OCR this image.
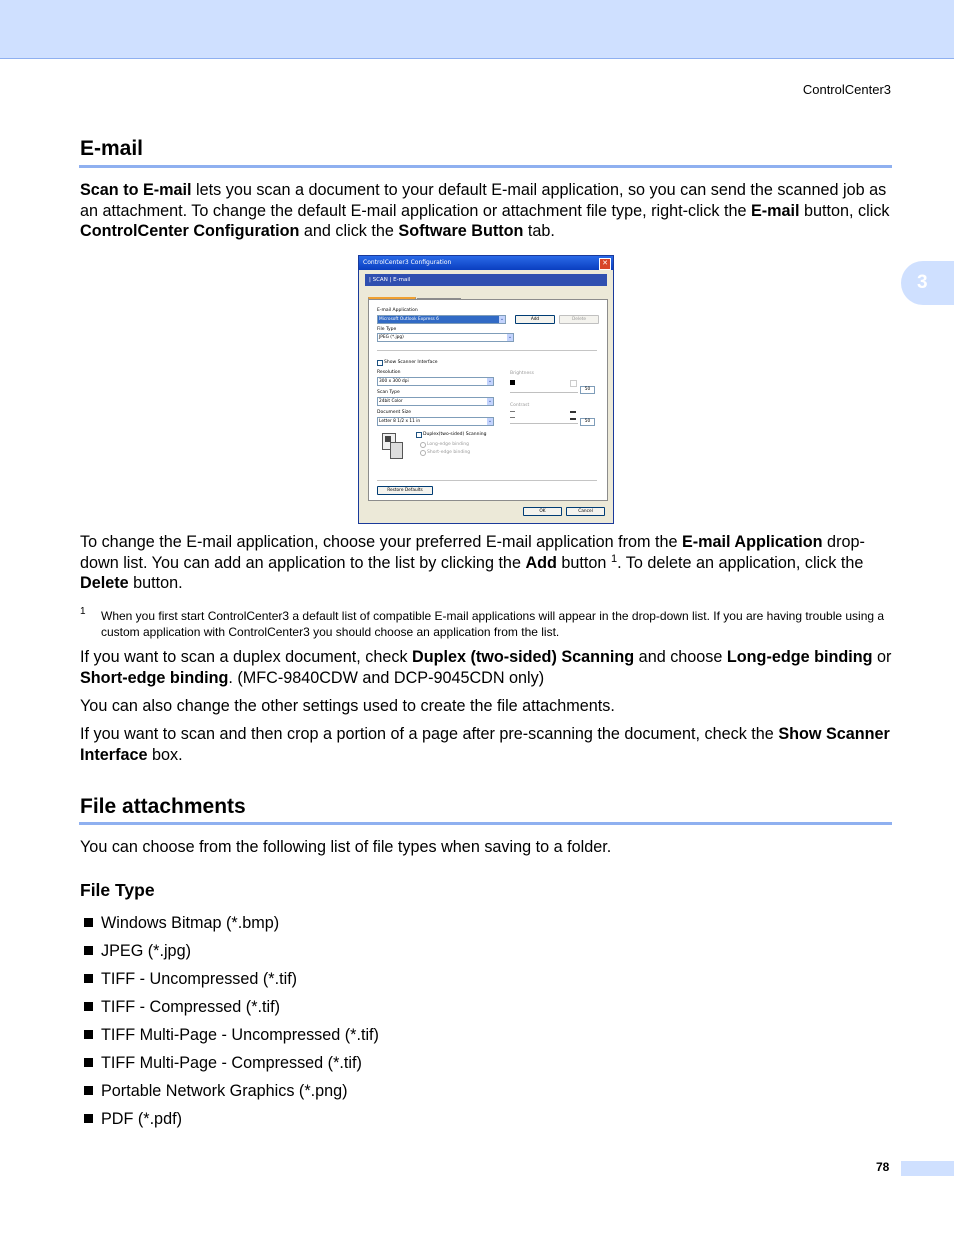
ControlCenter3
3
E-mail
Scan to E-mail lets you scan a document to your default E-mail application, so you can send the scanned job as an attachment. To change the default E-mail application or attachment file type, right-click the E-mail button, click ControlCenter Configuration and click the Software Button tab.
ControlCenter3 Configuration	✕
| SCAN | E-mail
E-mail Application
Microsoft Outlook Express 6	⌄	Add	Delete
File Type
JPEG (*.jpg)	⌄
Show Scanner Interface
Resolution
300 x 300 dpi	⌄
Scan Type
24bit Color	⌄
Document Size
Letter 8 1/2 x 11 in	⌄
Brightness
50
Contrast
50
Duplex(two-sided) Scanning
Long-edge binding
Short-edge binding
Restore Defaults
OK	Cancel
To change the E-mail application, choose your preferred E-mail application from the E-mail Application drop-down list. You can add an application to the list by clicking the Add button $^1$. To delete an application, click the Delete button.
1 When you first start ControlCenter3 a default list of compatible E-mail applications will appear in the drop-down list. If you are having trouble using a custom application with ControlCenter3 you should choose an application from the list.
If you want to scan a duplex document, check Duplex (two-sided) Scanning and choose Long-edge binding or Short-edge binding. (MFC-9840CDW and DCP-9045CDN only)
You can also change the other settings used to create the file attachments.
If you want to scan and then crop a portion of a page after pre-scanning the document, check the Show Scanner Interface box.
File attachments
You can choose from the following list of file types when saving to a folder.
File Type
Windows Bitmap (*.bmp)
JPEG (*.jpg)
TIFF - Uncompressed (*.tif)
TIFF - Compressed (*.tif)
TIFF Multi-Page - Uncompressed (*.tif)
TIFF Multi-Page - Compressed (*.tif)
Portable Network Graphics (*.png)
PDF (*.pdf)
78
